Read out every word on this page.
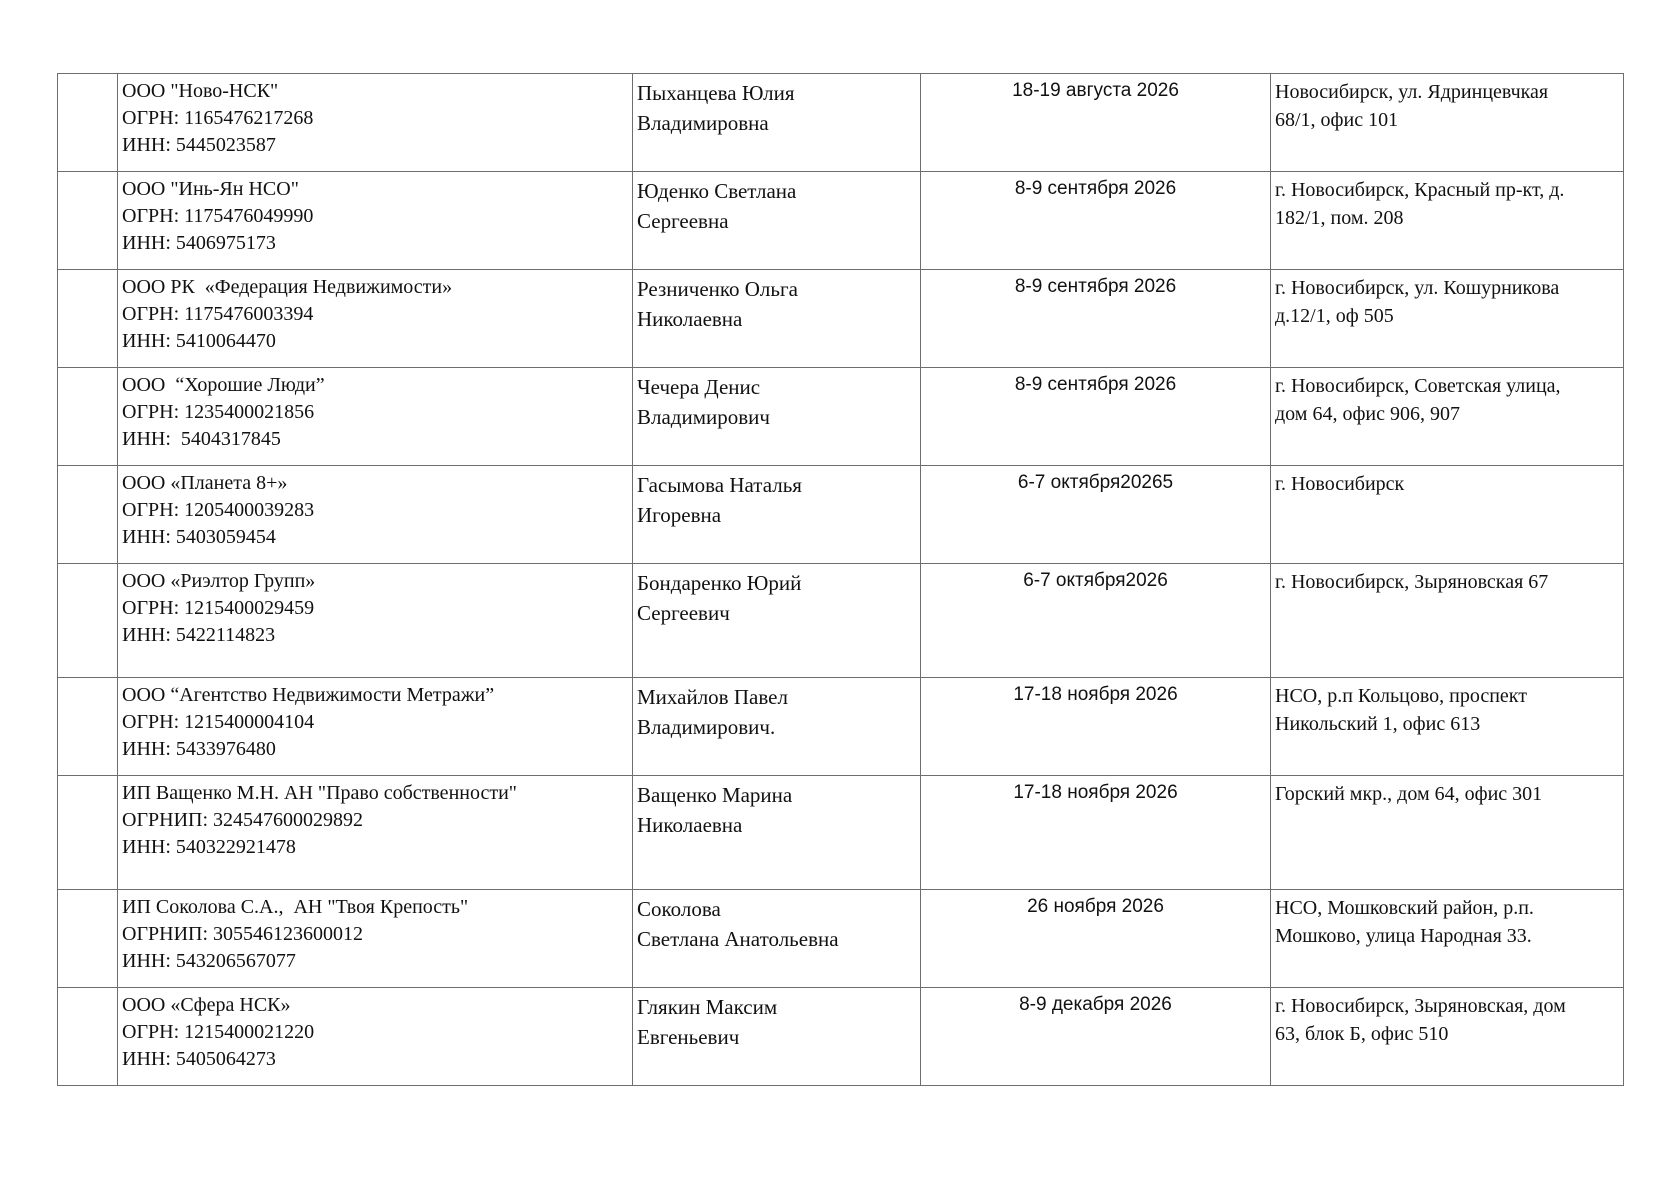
	ООО "Ново-НСК"
ОГРН: 1165476217268
ИНН: 5445023587	Пыханцева Юлия
Владимировна	18-19 августа 2026	Новосибирск, ул. Ядринцевчкая
68/1, офис 101

	ООО "Инь-Ян НСО"
ОГРН: 1175476049990
ИНН: 5406975173	Юденко Светлана
Сергеевна	8-9 сентября 2026	г. Новосибирск, Красный пр-кт, д.
182/1, пом. 208

	ООО РК  «Федерация Недвижимости»
ОГРН: 1175476003394
ИНН: 5410064470	Резниченко Ольга
Николаевна	8-9 сентября 2026	г. Новосибирск, ул. Кошурникова
д.12/1, оф 505

	ООО  “Хорошие Люди”
ОГРН: 1235400021856
ИНН:  5404317845	Чечера Денис
Владимирович	8-9 сентября 2026	г. Новосибирск, Советская улица,
дом 64, офис 906, 907

	ООО «Планета 8+»
ОГРН: 1205400039283
ИНН: 5403059454	Гасымова Наталья
Игоревна	6-7 октября20265	г. Новосибирск

	ООО «Риэлтор Групп»
ОГРН: 1215400029459
ИНН: 5422114823	Бондаренко Юрий
Сергеевич	6-7 октября2026	г. Новосибирск, Зыряновская 67

	ООО “Агентство Недвижимости Метражи”
ОГРН: 1215400004104
ИНН: 5433976480	Михайлов Павел
Владимирович.	17-18 ноября 2026	НСО, р.п Кольцово, проспект
Никольский 1, офис 613

	ИП Ващенко М.Н. АН "Право собственности"
ОГРНИП: 324547600029892
ИНН: 540322921478	Ващенко Марина
Николаевна	17-18 ноября 2026	Горский мкр., дом 64, офис 301

	ИП Соколова С.А.,  АН "Твоя Крепость"
ОГРНИП: 305546123600012
ИНН: 543206567077	Соколова
Светлана Анатольевна	26 ноября 2026	НСО, Мошковский район, р.п.
Мошково, улица Народная 33.

	ООО «Сфера НСК»
ОГРН: 1215400021220
ИНН: 5405064273	Глякин Максим
Евгеньевич	8-9 декабря 2026	г. Новосибирск, Зыряновская, дом
63, блок Б, офис 510
